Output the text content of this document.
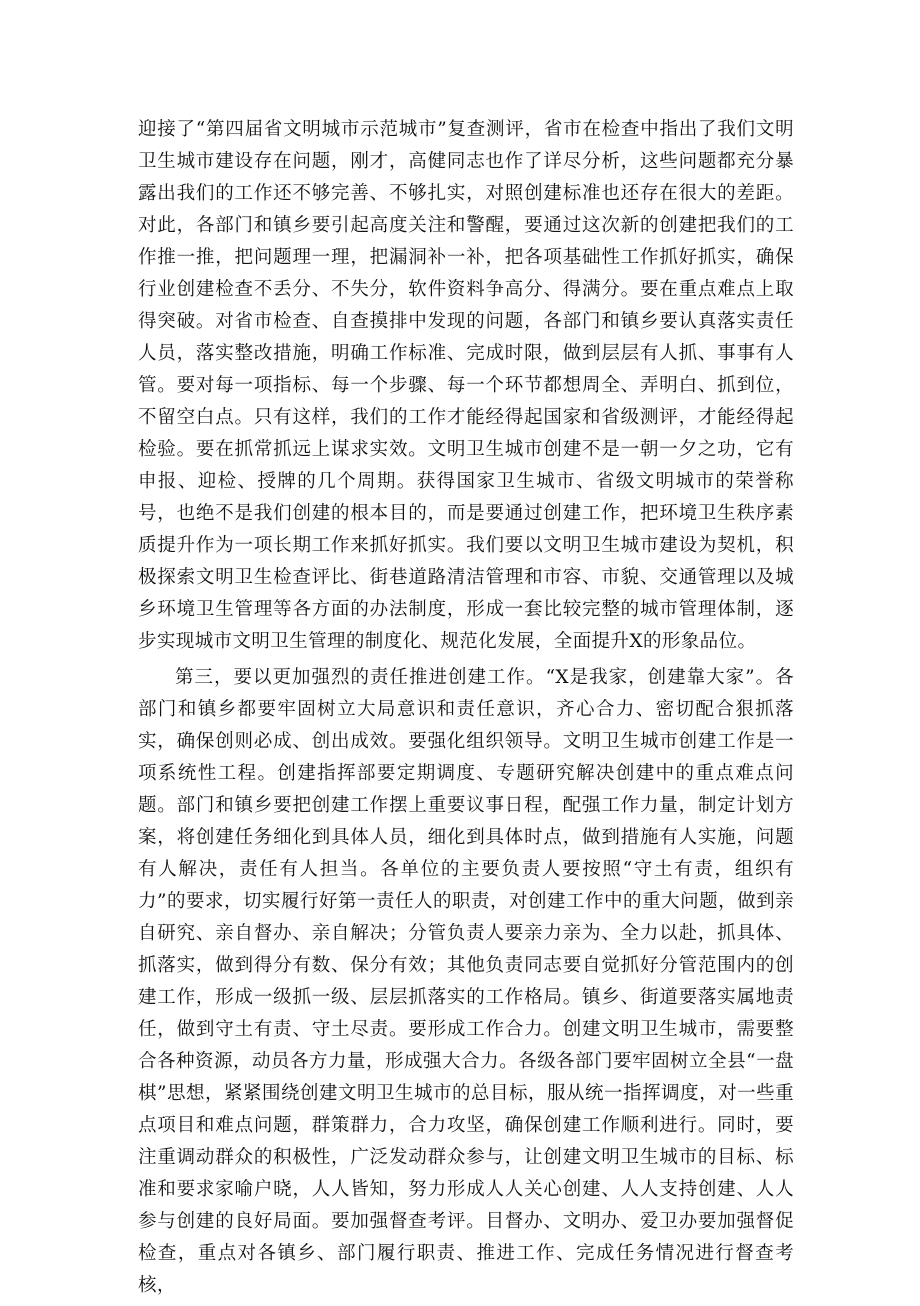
迎接了“第四届省文明城市示范城市”复查测评，省市在检查中指出了我们文明卫生城市建设存在问题，刚才，高健同志也作了详尽分析，这些问题都充分暴露出我们的工作还不够完善、不够扎实，对照创建标准也还存在很大的差距。对此，各部门和镇乡要引起高度关注和警醒，要通过这次新的创建把我们的工作推一推，把问题理一理，把漏洞补一补，把各项基础性工作抓好抓实，确保行业创建检查不丢分、不失分，软件资料争高分、得满分。要在重点难点上取得突破。对省市检查、自查摸排中发现的问题，各部门和镇乡要认真落实责任人员，落实整改措施，明确工作标准、完成时限，做到层层有人抓、事事有人管。要对每一项指标、每一个步骤、每一个环节都想周全、弄明白、抓到位，不留空白点。只有这样，我们的工作才能经得起国家和省级测评，才能经得起检验。要在抓常抓远上谋求实效。文明卫生城市创建不是一朝一夕之功，它有申报、迎检、授牌的几个周期。获得国家卫生城市、省级文明城市的荣誉称号，也绝不是我们创建的根本目的，而是要通过创建工作，把环境卫生秩序素质提升作为一项长期工作来抓好抓实。我们要以文明卫生城市建设为契机，积极探索文明卫生检查评比、街巷道路清洁管理和市容、市貌、交通管理以及城乡环境卫生管理等各方面的办法制度，形成一套比较完整的城市管理体制，逐步实现城市文明卫生管理的制度化、规范化发展，全面提升X的形象品位。

第三，要以更加强烈的责任推进创建工作。“X是我家，创建靠大家”。各部门和镇乡都要牢固树立大局意识和责任意识，齐心合力、密切配合狠抓落实，确保创则必成、创出成效。要强化组织领导。文明卫生城市创建工作是一项系统性工程。创建指挥部要定期调度、专题研究解决创建中的重点难点问题。部门和镇乡要把创建工作摆上重要议事日程，配强工作力量，制定计划方案，将创建任务细化到具体人员，细化到具体时点，做到措施有人实施，问题有人解决，责任有人担当。各单位的主要负责人要按照“守土有责，组织有力”的要求，切实履行好第一责任人的职责，对创建工作中的重大问题，做到亲自研究、亲自督办、亲自解决；分管负责人要亲力亲为、全力以赴，抓具体、抓落实，做到得分有数、保分有效；其他负责同志要自觉抓好分管范围内的创建工作，形成一级抓一级、层层抓落实的工作格局。镇乡、街道要落实属地责任，做到守土有责、守土尽责。要形成工作合力。创建文明卫生城市，需要整合各种资源，动员各方力量，形成强大合力。各级各部门要牢固树立全县“一盘棋”思想，紧紧围绕创建文明卫生城市的总目标，服从统一指挥调度，对一些重点项目和难点问题，群策群力，合力攻坚，确保创建工作顺利进行。同时，要注重调动群众的积极性，广泛发动群众参与，让创建文明卫生城市的目标、标准和要求家喻户晓，人人皆知，努力形成人人关心创建、人人支持创建、人人参与创建的良好局面。要加强督查考评。目督办、文明办、爱卫办要加强督促检查，重点对各镇乡、部门履行职责、推进工作、完成任务情况进行督查考核，
